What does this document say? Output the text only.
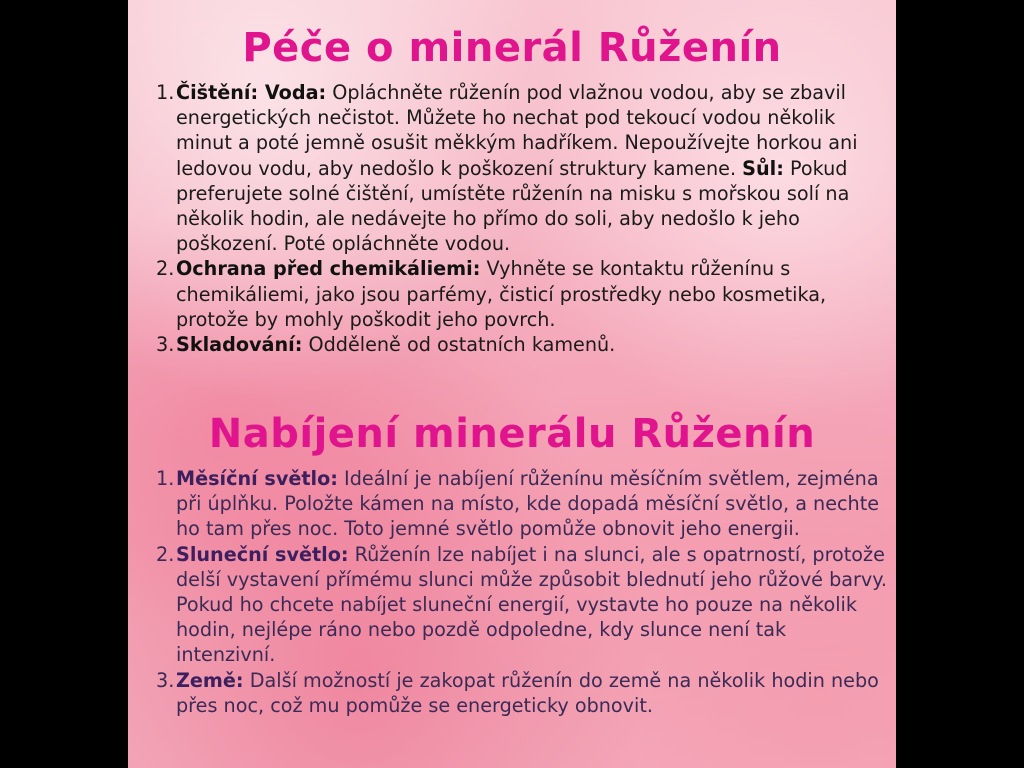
Péče o minerál Růženín
1. Čištění: Voda: Opláchněte růženín pod vlažnou vodou, aby se zbavil energetických nečistot. Můžete ho nechat pod tekoucí vodou několik minut a poté jemně osušit měkkým hadříkem. Nepoužívejte horkou ani ledovou vodu, aby nedošlo k poškození struktury kamene. Sůl: Pokud preferujete solné čištění, umístěte růženín na misku s mořskou solí na několik hodin, ale nedávejte ho přímo do soli, aby nedošlo k jeho poškození. Poté opláchněte vodou.
2. Ochrana před chemikáliemi: Vyhněte se kontaktu růženínu s chemikáliemi, jako jsou parfémy, čisticí prostředky nebo kosmetika, protože by mohly poškodit jeho povrch.
3. Skladování: Odděleně od ostatních kamenů.
Nabíjení minerálu Růženín
1. Měsíční světlo: Ideální je nabíjení růženínu měsíčním světlem, zejména při úplňku. Položte kámen na místo, kde dopadá měsíční světlo, a nechte ho tam přes noc. Toto jemné světlo pomůže obnovit jeho energii.
2. Sluneční světlo: Růženín lze nabíjet i na slunci, ale s opatrností, protože delší vystavení přímému slunci může způsobit blednutí jeho růžové barvy. Pokud ho chcete nabíjet sluneční energií, vystavte ho pouze na několik hodin, nejlépe ráno nebo pozdě odpoledne, kdy slunce není tak intenzivní.
3. Země: Další možností je zakopat růženín do země na několik hodin nebo přes noc, což mu pomůže se energeticky obnovit.
